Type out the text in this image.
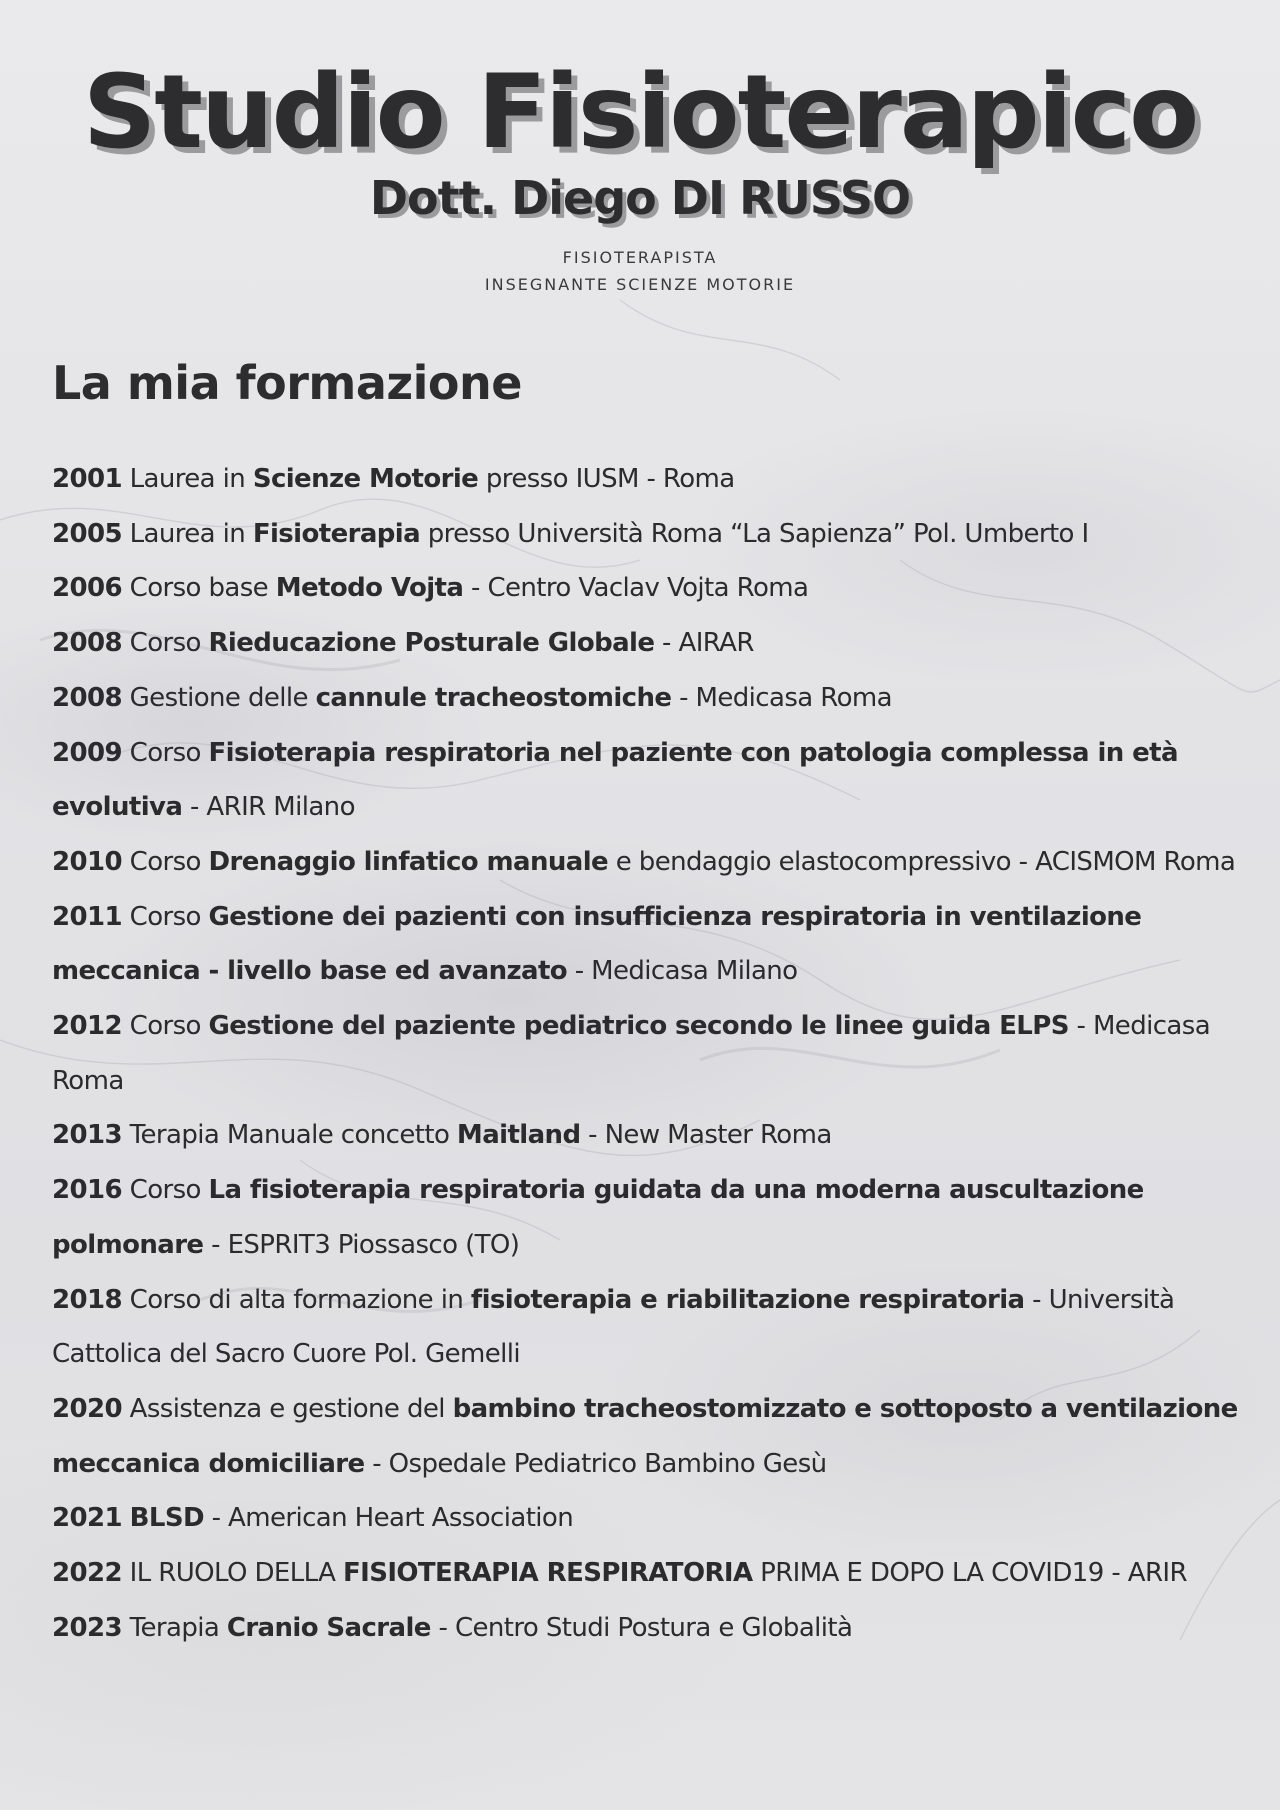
Studio Fisioterapico
Dott. Diego DI RUSSO
FISIOTERAPISTA
INSEGNANTE SCIENZE MOTORIE
La mia formazione
2001 Laurea in Scienze Motorie presso IUSM - Roma
2005 Laurea in Fisioterapia presso Università Roma “La Sapienza” Pol. Umberto I
2006 Corso base Metodo Vojta - Centro Vaclav Vojta Roma
2008 Corso Rieducazione Posturale Globale - AIRAR
2008 Gestione delle cannule tracheostomiche - Medicasa Roma
2009 Corso Fisioterapia respiratoria nel paziente con patologia complessa in età evolutiva - ARIR Milano
2010 Corso Drenaggio linfatico manuale e bendaggio elastocompressivo - ACISMOM Roma
2011 Corso Gestione dei pazienti con insufficienza respiratoria in ventilazione meccanica - livello base ed avanzato - Medicasa Milano
2012 Corso Gestione del paziente pediatrico secondo le linee guida ELPS - Medicasa Roma
2013 Terapia Manuale concetto Maitland - New Master Roma
2016 Corso La fisioterapia respiratoria guidata da una moderna auscultazione polmonare - ESPRIT3 Piossasco (TO)
2018 Corso di alta formazione in fisioterapia e riabilitazione respiratoria - Università Cattolica del Sacro Cuore Pol. Gemelli
2020 Assistenza e gestione del bambino tracheostomizzato e sottoposto a ventilazione meccanica domiciliare - Ospedale Pediatrico Bambino Gesù
2021 BLSD - American Heart Association
2022 IL RUOLO DELLA FISIOTERAPIA RESPIRATORIA PRIMA E DOPO LA COVID19 - ARIR
2023 Terapia Cranio Sacrale - Centro Studi Postura e Globalità
